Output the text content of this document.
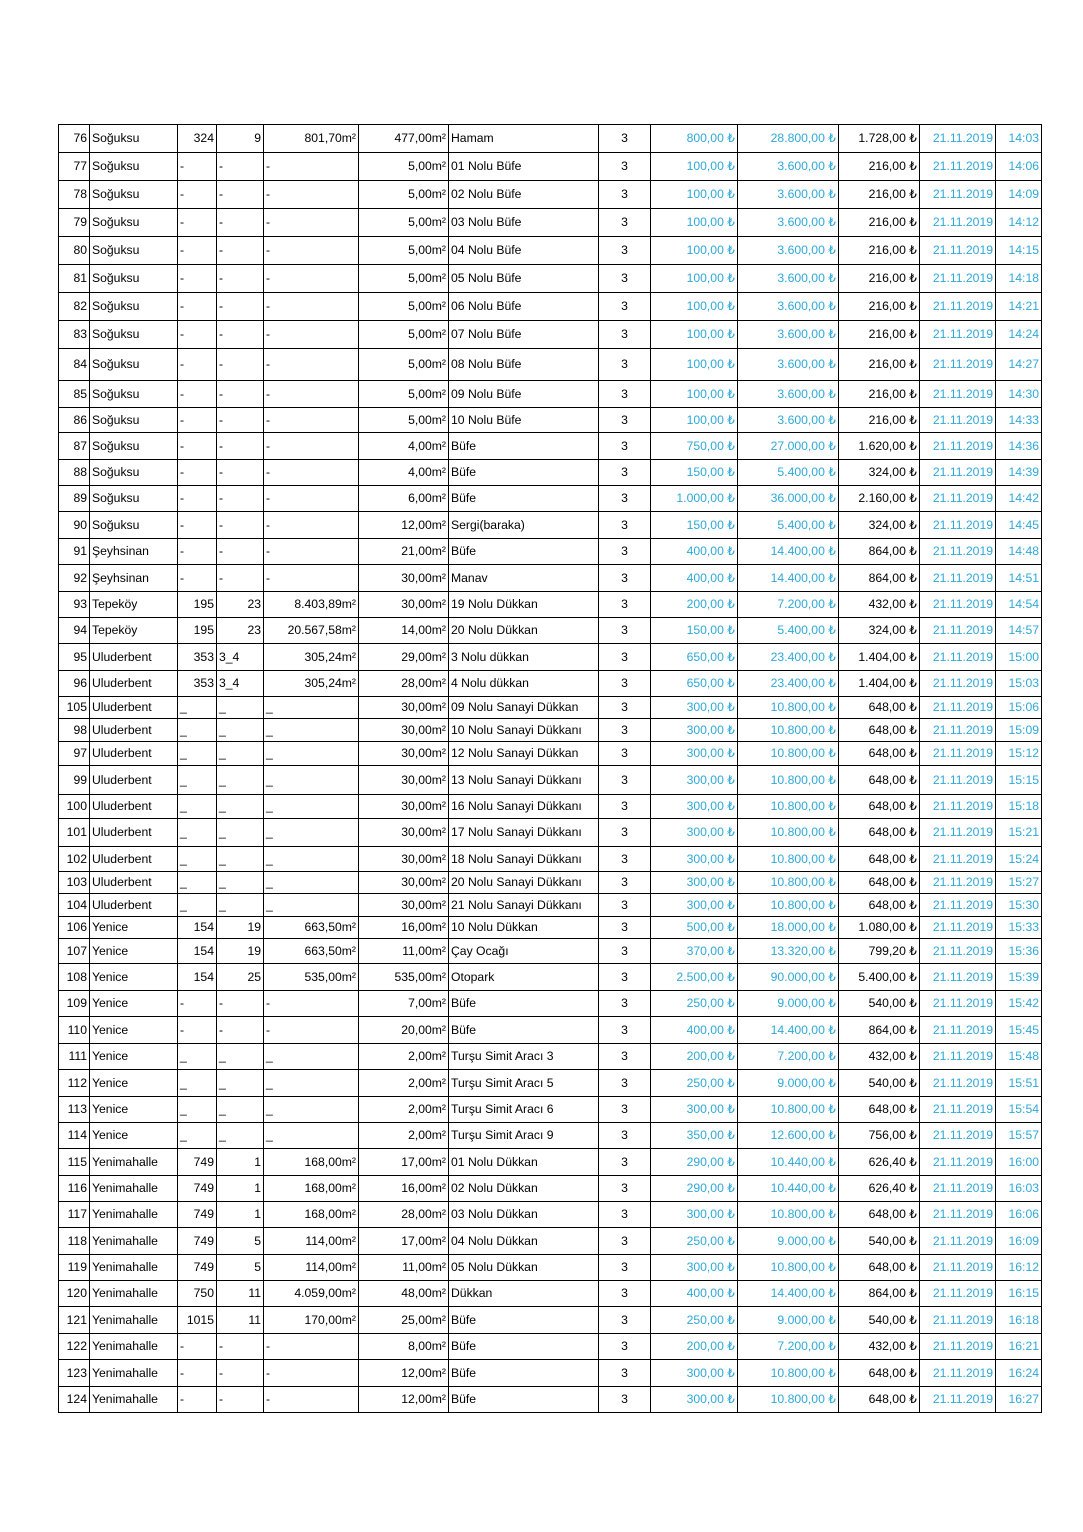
76	Soğuksu	324	9	801,70m²	477,00m²	Hamam	3	800,00 ₺	28.800,00 ₺	1.728,00 ₺	21.11.2019	14:03
77	Soğuksu	-	-	-	5,00m²	01 Nolu Büfe	3	100,00 ₺	3.600,00 ₺	216,00 ₺	21.11.2019	14:06
78	Soğuksu	-	-	-	5,00m²	02 Nolu Büfe	3	100,00 ₺	3.600,00 ₺	216,00 ₺	21.11.2019	14:09
79	Soğuksu	-	-	-	5,00m²	03 Nolu Büfe	3	100,00 ₺	3.600,00 ₺	216,00 ₺	21.11.2019	14:12
80	Soğuksu	-	-	-	5,00m²	04 Nolu Büfe	3	100,00 ₺	3.600,00 ₺	216,00 ₺	21.11.2019	14:15
81	Soğuksu	-	-	-	5,00m²	05 Nolu Büfe	3	100,00 ₺	3.600,00 ₺	216,00 ₺	21.11.2019	14:18
82	Soğuksu	-	-	-	5,00m²	06 Nolu Büfe	3	100,00 ₺	3.600,00 ₺	216,00 ₺	21.11.2019	14:21
83	Soğuksu	-	-	-	5,00m²	07 Nolu Büfe	3	100,00 ₺	3.600,00 ₺	216,00 ₺	21.11.2019	14:24
84	Soğuksu	-	-	-	5,00m²	08 Nolu Büfe	3	100,00 ₺	3.600,00 ₺	216,00 ₺	21.11.2019	14:27
85	Soğuksu	-	-	-	5,00m²	09 Nolu Büfe	3	100,00 ₺	3.600,00 ₺	216,00 ₺	21.11.2019	14:30
86	Soğuksu	-	-	-	5,00m²	10 Nolu Büfe	3	100,00 ₺	3.600,00 ₺	216,00 ₺	21.11.2019	14:33
87	Soğuksu	-	-	-	4,00m²	Büfe	3	750,00 ₺	27.000,00 ₺	1.620,00 ₺	21.11.2019	14:36
88	Soğuksu	-	-	-	4,00m²	Büfe	3	150,00 ₺	5.400,00 ₺	324,00 ₺	21.11.2019	14:39
89	Soğuksu	-	-	-	6,00m²	Büfe	3	1.000,00 ₺	36.000,00 ₺	2.160,00 ₺	21.11.2019	14:42
90	Soğuksu	-	-	-	12,00m²	Sergi(baraka)	3	150,00 ₺	5.400,00 ₺	324,00 ₺	21.11.2019	14:45
91	Şeyhsinan	-	-	-	21,00m²	Büfe	3	400,00 ₺	14.400,00 ₺	864,00 ₺	21.11.2019	14:48
92	Şeyhsinan	-	-	-	30,00m²	Manav	3	400,00 ₺	14.400,00 ₺	864,00 ₺	21.11.2019	14:51
93	Tepeköy	195	23	8.403,89m²	30,00m²	19 Nolu Dükkan	3	200,00 ₺	7.200,00 ₺	432,00 ₺	21.11.2019	14:54
94	Tepeköy	195	23	20.567,58m²	14,00m²	20 Nolu Dükkan	3	150,00 ₺	5.400,00 ₺	324,00 ₺	21.11.2019	14:57
95	Uluderbent	353	3_4	305,24m²	29,00m²	3 Nolu dükkan	3	650,00 ₺	23.400,00 ₺	1.404,00 ₺	21.11.2019	15:00
96	Uluderbent	353	3_4	305,24m²	28,00m²	4 Nolu dükkan	3	650,00 ₺	23.400,00 ₺	1.404,00 ₺	21.11.2019	15:03
105	Uluderbent	_	_	_	30,00m²	09 Nolu Sanayi Dükkan	3	300,00 ₺	10.800,00 ₺	648,00 ₺	21.11.2019	15:06
98	Uluderbent	_	_	_	30,00m²	10 Nolu Sanayi Dükkanı	3	300,00 ₺	10.800,00 ₺	648,00 ₺	21.11.2019	15:09
97	Uluderbent	_	_	_	30,00m²	12 Nolu Sanayi Dükkan	3	300,00 ₺	10.800,00 ₺	648,00 ₺	21.11.2019	15:12
99	Uluderbent	_	_	_	30,00m²	13 Nolu Sanayi Dükkanı	3	300,00 ₺	10.800,00 ₺	648,00 ₺	21.11.2019	15:15
100	Uluderbent	_	_	_	30,00m²	16 Nolu Sanayi Dükkanı	3	300,00 ₺	10.800,00 ₺	648,00 ₺	21.11.2019	15:18
101	Uluderbent	_	_	_	30,00m²	17 Nolu Sanayi Dükkanı	3	300,00 ₺	10.800,00 ₺	648,00 ₺	21.11.2019	15:21
102	Uluderbent	_	_	_	30,00m²	18 Nolu Sanayi Dükkanı	3	300,00 ₺	10.800,00 ₺	648,00 ₺	21.11.2019	15:24
103	Uluderbent	_	_	_	30,00m²	20 Nolu Sanayi Dükkanı	3	300,00 ₺	10.800,00 ₺	648,00 ₺	21.11.2019	15:27
104	Uluderbent	_	_	_	30,00m²	21 Nolu Sanayi Dükkanı	3	300,00 ₺	10.800,00 ₺	648,00 ₺	21.11.2019	15:30
106	Yenice	154	19	663,50m²	16,00m²	10 Nolu Dükkan	3	500,00 ₺	18.000,00 ₺	1.080,00 ₺	21.11.2019	15:33
107	Yenice	154	19	663,50m²	11,00m²	Çay Ocağı	3	370,00 ₺	13.320,00 ₺	799,20 ₺	21.11.2019	15:36
108	Yenice	154	25	535,00m²	535,00m²	Otopark	3	2.500,00 ₺	90.000,00 ₺	5.400,00 ₺	21.11.2019	15:39
109	Yenice	-	-	-	7,00m²	Büfe	3	250,00 ₺	9.000,00 ₺	540,00 ₺	21.11.2019	15:42
110	Yenice	-	-	-	20,00m²	Büfe	3	400,00 ₺	14.400,00 ₺	864,00 ₺	21.11.2019	15:45
111	Yenice	_	_	_	2,00m²	Turşu Simit Aracı 3	3	200,00 ₺	7.200,00 ₺	432,00 ₺	21.11.2019	15:48
112	Yenice	_	_	_	2,00m²	Turşu Simit Aracı 5	3	250,00 ₺	9.000,00 ₺	540,00 ₺	21.11.2019	15:51
113	Yenice	_	_	_	2,00m²	Turşu Simit Aracı 6	3	300,00 ₺	10.800,00 ₺	648,00 ₺	21.11.2019	15:54
114	Yenice	_	_	_	2,00m²	Turşu Simit Aracı 9	3	350,00 ₺	12.600,00 ₺	756,00 ₺	21.11.2019	15:57
115	Yenimahalle	749	1	168,00m²	17,00m²	01 Nolu Dükkan	3	290,00 ₺	10.440,00 ₺	626,40 ₺	21.11.2019	16:00
116	Yenimahalle	749	1	168,00m²	16,00m²	02 Nolu Dükkan	3	290,00 ₺	10.440,00 ₺	626,40 ₺	21.11.2019	16:03
117	Yenimahalle	749	1	168,00m²	28,00m²	03 Nolu Dükkan	3	300,00 ₺	10.800,00 ₺	648,00 ₺	21.11.2019	16:06
118	Yenimahalle	749	5	114,00m²	17,00m²	04 Nolu Dükkan	3	250,00 ₺	9.000,00 ₺	540,00 ₺	21.11.2019	16:09
119	Yenimahalle	749	5	114,00m²	11,00m²	05 Nolu Dükkan	3	300,00 ₺	10.800,00 ₺	648,00 ₺	21.11.2019	16:12
120	Yenimahalle	750	11	4.059,00m²	48,00m²	Dükkan	3	400,00 ₺	14.400,00 ₺	864,00 ₺	21.11.2019	16:15
121	Yenimahalle	1015	11	170,00m²	25,00m²	Büfe	3	250,00 ₺	9.000,00 ₺	540,00 ₺	21.11.2019	16:18
122	Yenimahalle	-	-	-	8,00m²	Büfe	3	200,00 ₺	7.200,00 ₺	432,00 ₺	21.11.2019	16:21
123	Yenimahalle	-	-	-	12,00m²	Büfe	3	300,00 ₺	10.800,00 ₺	648,00 ₺	21.11.2019	16:24
124	Yenimahalle	-	-	-	12,00m²	Büfe	3	300,00 ₺	10.800,00 ₺	648,00 ₺	21.11.2019	16:27
